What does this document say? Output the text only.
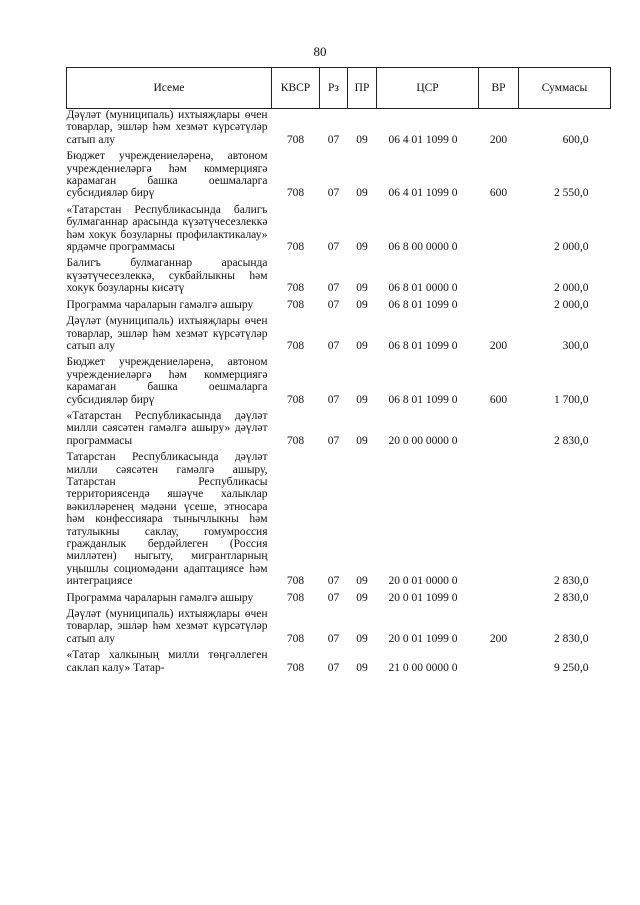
80
Исеме	КВСР	Рз	ПР	ЦСР	ВР	Суммасы
Дәүләт (муниципаль) ихтыяҗлары өчен товарлар, эшләр һәм хезмәт күрсәтүләр сатып алу	708	07	09	06 4 01 1099 0	200	600,0
Бюджет учреждениеләренә, автоном учреждениеләргә һәм коммерциягә карамаган башка оешмаларга субсидияләр бирү	708	07	09	06 4 01 1099 0	600	2 550,0
«Татарстан Республикасында балигъ булмаганнар арасында күзәтүчесезлеккә һәм хокук бозуларны профилактикалау» ярдәмче программасы	708	07	09	06 8 00 0000 0		2 000,0
Балигъ булмаганнар арасында күзәтүчесезлеккә, сукбайлыкны һәм хокук бозуларны кисәтү	708	07	09	06 8 01 0000 0		2 000,0
Программа чараларын гамәлгә ашыру	708	07	09	06 8 01 1099 0		2 000,0
Дәүләт (муниципаль) ихтыяҗлары өчен товарлар, эшләр һәм хезмәт күрсәтүләр сатып алу	708	07	09	06 8 01 1099 0	200	300,0
Бюджет учреждениеләренә, автоном учреждениеләргә һәм коммерциягә карамаган башка оешмаларга субсидияләр бирү	708	07	09	06 8 01 1099 0	600	1 700,0
«Татарстан Республикасында дәүләт милли сәясәтен гамәлгә ашыру» дәүләт программасы	708	07	09	20 0 00 0000 0		2 830,0
Татарстан Республикасында дәүләт милли сәясәтен гамәлгә ашыру, Татарстан Республикасы территориясендә яшәүче халыклар вәкилләренең мәдәни үсеше, этносара һәм конфессияара тынычлыкны һәм татулыкны саклау, гомумроссия гражданлык бердәйлеген (Россия милләтен) ныгыту, мигрантларның уңышлы социомәдәни адаптациясе һәм интеграциясе	708	07	09	20 0 01 0000 0		2 830,0
Программа чараларын гамәлгә ашыру	708	07	09	20 0 01 1099 0		2 830,0
Дәүләт (муниципаль) ихтыяҗлары өчен товарлар, эшләр һәм хезмәт күрсәтүләр сатып алу	708	07	09	20 0 01 1099 0	200	2 830,0
«Татар халкының милли төңгәллеген саклап калу» Татар-	708	07	09	21 0 00 0000 0		9 250,0
